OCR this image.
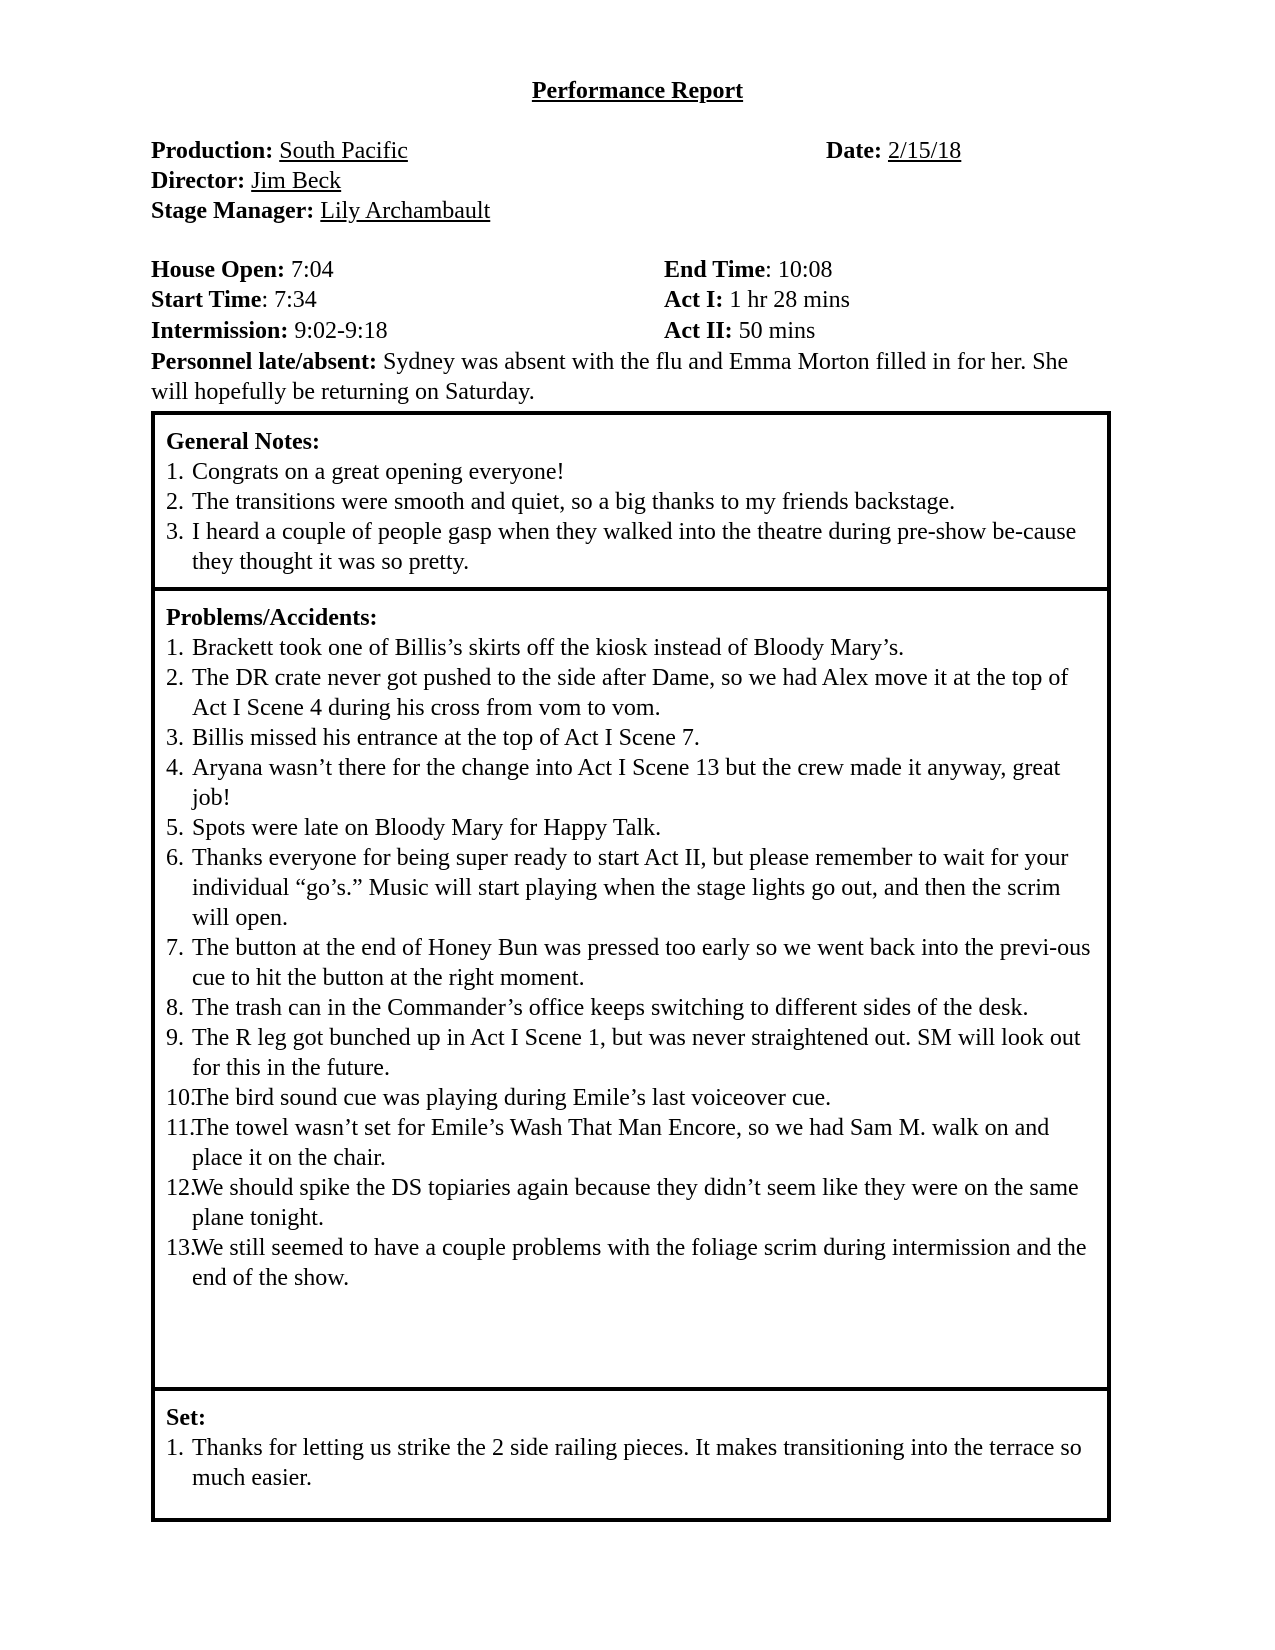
Performance Report
Production: South Pacific	Date: 2/15/18
Director: Jim Beck
Stage Manager: Lily Archambault
House Open: 7:04	End Time: 10:08
Start Time: 7:34	Act I: 1 hr 28 mins
Intermission: 9:02-9:18	Act II: 50 mins
Personnel late/absent: Sydney was absent with the flu and Emma Morton filled in for her. She will hopefully be returning on Saturday.
General Notes:
1. Congrats on a great opening everyone!
2. The transitions were smooth and quiet, so a big thanks to my friends backstage.
3. I heard a couple of people gasp when they walked into the theatre during pre-show be-cause they thought it was so pretty.
Problems/Accidents:
1. Brackett took one of Billis’s skirts off the kiosk instead of Bloody Mary’s.
2. The DR crate never got pushed to the side after Dame, so we had Alex move it at the top of Act I Scene 4 during his cross from vom to vom.
3. Billis missed his entrance at the top of Act I Scene 7.
4. Aryana wasn’t there for the change into Act I Scene 13 but the crew made it anyway, great job!
5. Spots were late on Bloody Mary for Happy Talk.
6. Thanks everyone for being super ready to start Act II, but please remember to wait for your individual “go’s.” Music will start playing when the stage lights go out, and then the scrim will open.
7. The button at the end of Honey Bun was pressed too early so we went back into the previ-ous cue to hit the button at the right moment.
8. The trash can in the Commander’s office keeps switching to different sides of the desk.
9. The R leg got bunched up in Act I Scene 1, but was never straightened out. SM will look out for this in the future.
10.
The bird sound cue was playing during Emile’s last voiceover cue.
11.
The towel wasn’t set for Emile’s Wash That Man Encore, so we had Sam M. walk on and place it on the chair.
12.
We should spike the DS topiaries again because they didn’t seem like they were on the same plane tonight.
13.
We still seemed to have a couple problems with the foliage scrim during intermission and the end of the show.
Set:
1. Thanks for letting us strike the 2 side railing pieces. It makes transitioning into the terrace so much easier.
